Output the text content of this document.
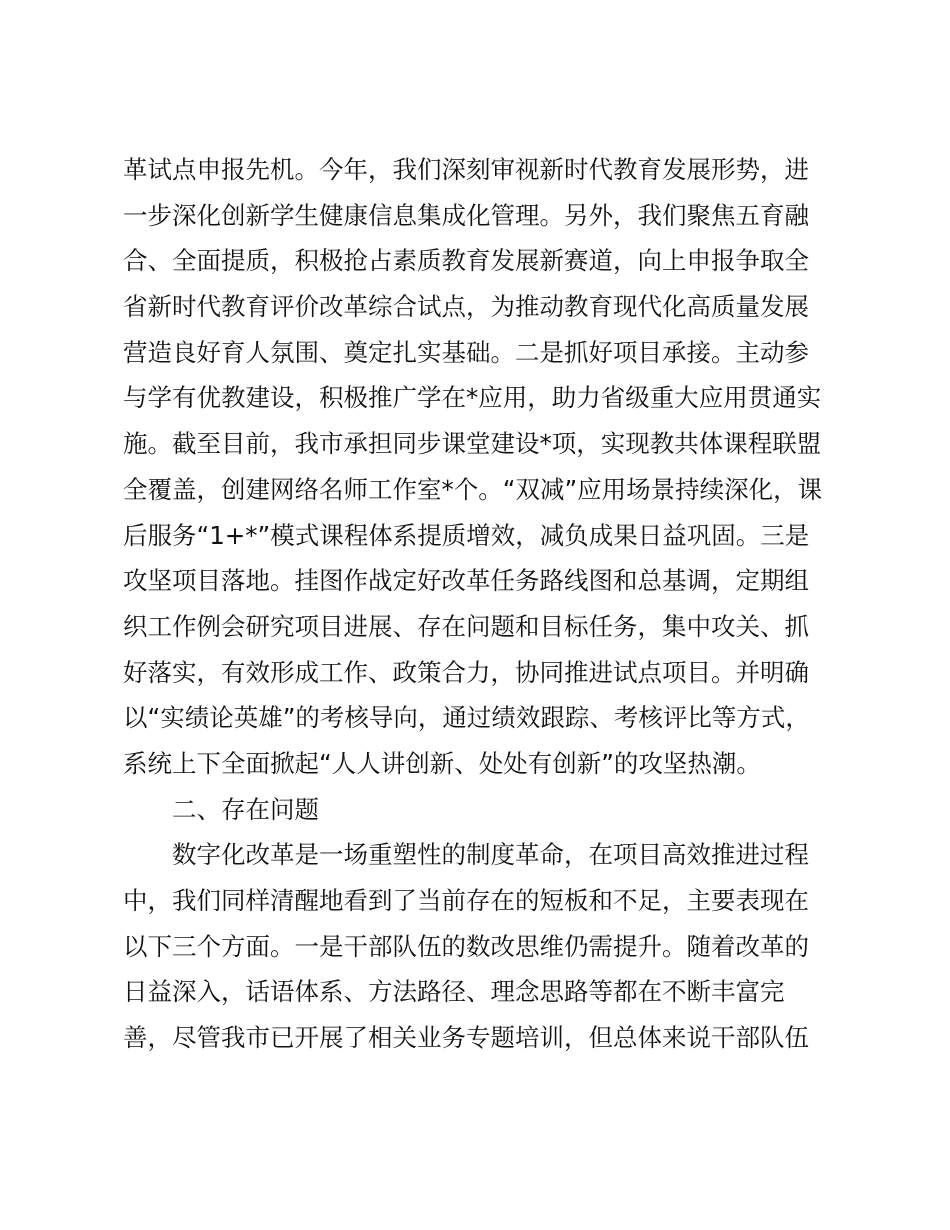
革试点申报先机。今年，我们深刻审视新时代教育发展形势，进
一步深化创新学生健康信息集成化管理。另外，我们聚焦五育融
合、全面提质，积极抢占素质教育发展新赛道，向上申报争取全
省新时代教育评价改革综合试点，为推动教育现代化高质量发展
营造良好育人氛围、奠定扎实基础。二是抓好项目承接。主动参
与学有优教建设，积极推广学在*应用，助力省级重大应用贯通实
施。截至目前，我市承担同步课堂建设*项，实现教共体课程联盟
全覆盖，创建网络名师工作室*个。“双减”应用场景持续深化，课
后服务“1+*”模式课程体系提质增效，减负成果日益巩固。三是
攻坚项目落地。挂图作战定好改革任务路线图和总基调，定期组
织工作例会研究项目进展、存在问题和目标任务，集中攻关、抓
好落实，有效形成工作、政策合力，协同推进试点项目。并明确
以“实绩论英雄”的考核导向，通过绩效跟踪、考核评比等方式，
系统上下全面掀起“人人讲创新、处处有创新”的攻坚热潮。
二、存在问题
数字化改革是一场重塑性的制度革命，在项目高效推进过程
中，我们同样清醒地看到了当前存在的短板和不足，主要表现在
以下三个方面。一是干部队伍的数改思维仍需提升。随着改革的
日益深入，话语体系、方法路径、理念思路等都在不断丰富完
善，尽管我市已开展了相关业务专题培训，但总体来说干部队伍
